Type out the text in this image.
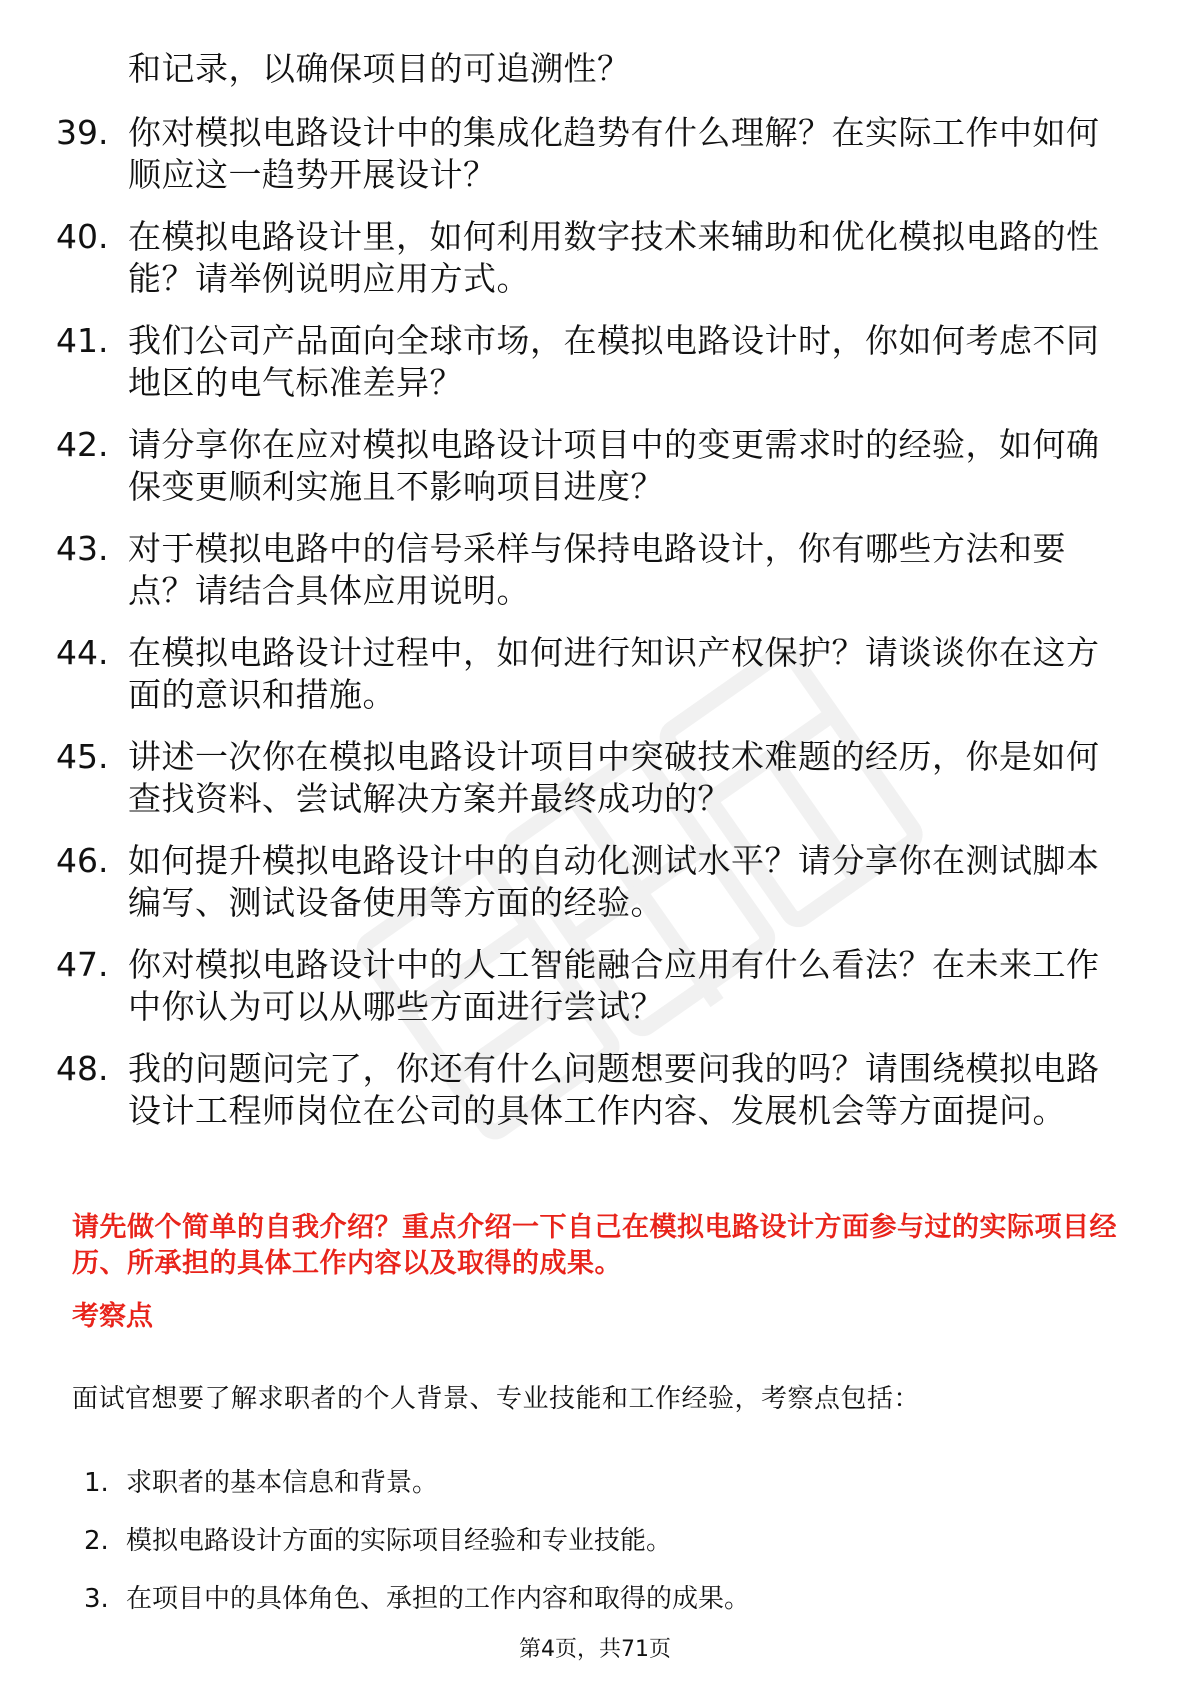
和记录，以确保项目的可追溯性？
39. 你对模拟电路设计中的集成化趋势有什么理解？在实际工作中如何顺应这一趋势开展设计？
40. 在模拟电路设计里，如何利用数字技术来辅助和优化模拟电路的性能？请举例说明应用方式。
41. 我们公司产品面向全球市场，在模拟电路设计时，你如何考虑不同地区的电气标准差异？
42. 请分享你在应对模拟电路设计项目中的变更需求时的经验，如何确保变更顺利实施且不影响项目进度？
43. 对于模拟电路中的信号采样与保持电路设计，你有哪些方法和要点？请结合具体应用说明。
44. 在模拟电路设计过程中，如何进行知识产权保护？请谈谈你在这方面的意识和措施。
45. 讲述一次你在模拟电路设计项目中突破技术难题的经历，你是如何查找资料、尝试解决方案并最终成功的？
46. 如何提升模拟电路设计中的自动化测试水平？请分享你在测试脚本编写、测试设备使用等方面的经验。
47. 你对模拟电路设计中的人工智能融合应用有什么看法？在未来工作中你认为可以从哪些方面进行尝试？
48. 我的问题问完了，你还有什么问题想要问我的吗？请围绕模拟电路设计工程师岗位在公司的具体工作内容、发展机会等方面提问。
请先做个简单的自我介绍？重点介绍一下自己在模拟电路设计方面参与过的实际项目经历、所承担的具体工作内容以及取得的成果。
考察点
面试官想要了解求职者的个人背景、专业技能和工作经验，考察点包括：
1. 求职者的基本信息和背景。
2. 模拟电路设计方面的实际项目经验和专业技能。
3. 在项目中的具体角色、承担的工作内容和取得的成果。
第4页，共71页
